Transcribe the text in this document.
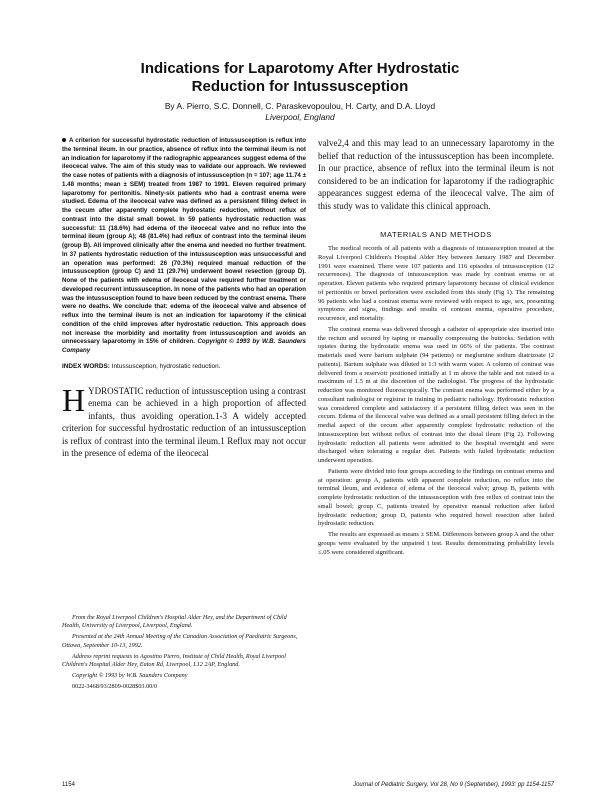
Indications for Laparotomy After Hydrostatic
Reduction for Intussusception
By A. Pierro, S.C. Donnell, C. Paraskevopoulou, H. Carty, and D.A. Lloyd
Liverpool, England

A criterion for successful hydrostatic reduction of intussusception is reflux into the terminal ileum. In our practice, absence of reflux into the terminal ileum is not an indication for laparotomy if the radiographic appearances suggest edema of the ileocecal valve. The aim of this study was to validate our approach. We reviewed the case notes of patients with a diagnosis of intussusception (n = 107; age 11.74 ± 1.48 months; mean ± SEM) treated from 1987 to 1991. Eleven required primary laparotomy for peritonitis. Ninety-six patients who had a contrast enema were studied. Edema of the ileocecal valve was defined as a persistent filling defect in the cecum after apparently complete hydrostatic reduction, without reflux of contrast into the distal small bowel. In 59 patients hydrostatic reduction was successful: 11 (18.6%) had edema of the ileocecal valve and no reflux into the terminal ileum (group A); 48 (81.4%) had reflux of contrast into the terminal ileum (group B). All improved clinically after the enema and needed no further treatment. In 37 patients hydrostatic reduction of the intussusception was unsuccessful and an operation was performed: 26 (70.3%) required manual reduction of the intussusception (group C) and 11 (29.7%) underwent bowel resection (group D). None of the patients with edema of ileocecal valve required further treatment or developed recurrent intussusception. In none of the patients who had an operation was the intussusception found to have been reduced by the contrast enema. There were no deaths. We conclude that: edema of the ileocecal valve and absence of reflux into the terminal ileum is not an indication for laparotomy if the clinical condition of the child improves after hydrostatic reduction. This approach does not increase the morbidity and mortality from intussusception and avoids an unnecessary laparotomy in 15% of children. Copyright © 1993 by W.B. Saunders Company

INDEX WORDS: Intussusception, hydrostatic reduction.
HYDROSTATIC reduction of intussusception using a contrast enema can be achieved in a high proportion of affected infants, thus avoiding operation.1-3 A widely accepted criterion for successful hydrostatic reduction of an intussusception is reflux of contrast into the terminal ileum.1 Reflux may not occur in the presence of edema of the ileocecal

From the Royal Liverpool Children's Hospital Alder Hey, and the Department of Child Health, University of Liverpool, Liverpool, England.

Presented at the 24th Annual Meeting of the Canadian Association of Paediatric Surgeons, Ottawa, September 10-13, 1992.

Address reprint requests to Agostino Pierro, Institute of Child Health, Royal Liverpool Children's Hospital Alder Hey, Eaton Rd, Liverpool, L12 2AP, England.

Copyright © 1993 by W.B. Saunders Company

0022-3468/93/2809-0028$03.00/0

valve2,4 and this may lead to an unnecessary laparotomy in the belief that reduction of the intussusception has been incomplete. In our practice, absence of reflux into the terminal ileum is not considered to be an indication for laparotomy if the radiographic appearances suggest edema of the ileocecal valve. The aim of this study was to validate this clinical approach.

MATERIALS AND METHODS

The medical records of all patients with a diagnosis of intussusception treated at the Royal Liverpool Children's Hospital Alder Hey between January 1987 and December 1991 were examined. There were 107 patients and 116 episodes of intussusception (12 recurrences). The diagnosis of intussusception was made by contrast enema or at operation. Eleven patients who required primary laparotomy because of clinical evidence of peritonitis or bowel perforation were excluded from this study (Fig 1). The remaining 96 patients who had a contrast enema were reviewed with respect to age, sex, presenting symptoms and signs, findings and results of contrast enema, operative procedure, recurrence, and mortality.

The contrast enema was delivered through a catheter of appropriate size inserted into the rectum and secured by taping or manually compressing the buttocks. Sedation with opiates during the hydrostatic enema was used in 66% of the patients. The contrast materials used were barium sulphate (94 patients) or meglumine sodium diatrizoate (2 patients). Barium sulphate was diluted to 1:3 with warm water. A column of contrast was delivered from a reservoir positioned initially at 1 m above the table and not raised to a maximum of 1.5 m at the discretion of the radiologist. The progress of the hydrostatic reduction was monitored fluoroscopically. The contrast enema was performed either by a consultant radiologist or registrar in training in pediatric radiology. Hydrostatic reduction was considered complete and satisfactory if a persistent filling defect was seen in the cecum. Edema of the ileocecal valve was defined as a small persistent filling defect in the medial aspect of the cecum after apparently complete hydrostatic reduction of the intussusception but without reflux of contrast into the distal ileum (Fig 2). Following hydrostatic reduction all patients were admitted to the hospital overnight and were discharged when tolerating a regular diet. Patients with failed hydrostatic reduction underwent operation.

Patients were divided into four groups according to the findings on contrast enema and at operation: group A, patients with apparent complete reduction, no reflux into the terminal ileum, and evidence of edema of the ileocecal valve; group B, patients with complete hydrostatic reduction of the intussusception with free reflux of contrast into the small bowel; group C, patients treated by operative manual reduction after failed hydrostatic reduction; group D, patients who required bowel resection after failed hydrostatic reduction.

The results are expressed as means ± SEM. Differences between group A and the other groups were evaluated by the unpaired t test. Results demonstrating probability levels ≤.05 were considered significant.

1154	Journal of Pediatric Surgery, Vol 28, No 9 (September), 1993: pp 1154-1157
